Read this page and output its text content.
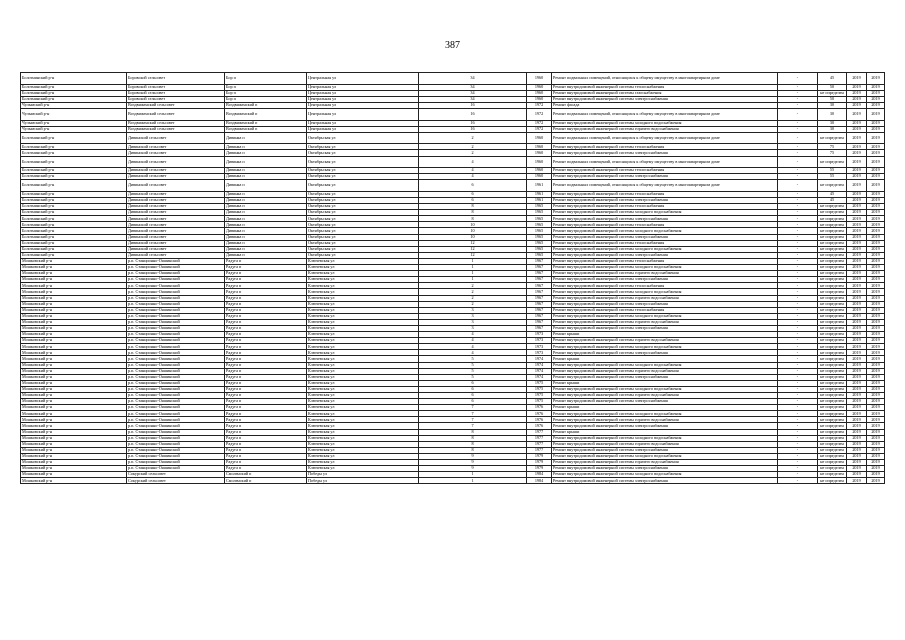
387
Болотнинский р-н	Боровской сельсовет	Бор п	Центральная ул	34	1960	Ремонт подвальных помещений, относящихся к общему имуществу в многоквартирном доме	-	45	2019	2019
Болотнинский р-н	Боровской сельсовет	Бор п	Центральная ул	34	1960	Ремонт внутридомовой инженерной системы теплоснабжения	-	50	2019	2019
Болотнинский р-н	Боровской сельсовет	Бор п	Центральная ул	34	1960	Ремонт внутридомовой инженерной системы газоснабжения	-	не определен	2019	2019
Болотнинский р-н	Боровской сельсовет	Бор п	Центральная ул	34	1960	Ремонт внутридомовой инженерной системы электроснабжения	-	50	2019	2019
Чулымский р-н	Воздвиженский сельсовет	Воздвиженский п	Центральная ул	16	1972	Ремонт фасада	-	30	2019	2019
Чулымский р-н	Воздвиженский сельсовет	Воздвиженский п	Центральная ул	16	1972	Ремонт подвальных помещений, относящихся к общему имуществу в многоквартирном доме	-	30	2019	2019
Чулымский р-н	Воздвиженский сельсовет	Воздвиженский п	Центральная ул	16	1972	Ремонт внутридомовой инженерной системы холодного водоснабжения	-	30	2019	2019
Чулымский р-н	Воздвиженский сельсовет	Воздвиженский п	Центральная ул	16	1972	Ремонт внутридомовой инженерной системы горячего водоснабжения	-	30	2019	2019
Болотнинский р-н	Дивинский сельсовет	Дивинка п	Октябрьская ул	2	1960	Ремонт подвальных помещений, относящихся к общему имуществу в многоквартирном доме	-	не определен	2019	2019
Болотнинский р-н	Дивинский сельсовет	Дивинка п	Октябрьская ул	2	1960	Ремонт внутридомовой инженерной системы теплоснабжения	-	75	2019	2019
Болотнинский р-н	Дивинский сельсовет	Дивинка п	Октябрьская ул	2	1960	Ремонт внутридомовой инженерной системы электроснабжения	-	75	2019	2019
Болотнинский р-н	Дивинский сельсовет	Дивинка п	Октябрьская ул	4	1960	Ремонт подвальных помещений, относящихся к общему имуществу в многоквартирном доме	-	не определен	2019	2019
Болотнинский р-н	Дивинский сельсовет	Дивинка п	Октябрьская ул	4	1960	Ремонт внутридомовой инженерной системы теплоснабжения	-	55	2019	2019
Болотнинский р-н	Дивинский сельсовет	Дивинка п	Октябрьская ул	4	1960	Ремонт внутридомовой инженерной системы электроснабжения	-	55	2019	2019
Болотнинский р-н	Дивинский сельсовет	Дивинка п	Октябрьская ул	6	1961	Ремонт подвальных помещений, относящихся к общему имуществу в многоквартирном доме	-	не определен	2019	2019
Болотнинский р-н	Дивинский сельсовет	Дивинка п	Октябрьская ул	6	1961	Ремонт внутридомовой инженерной системы теплоснабжения	-	45	2019	2019
Болотнинский р-н	Дивинский сельсовет	Дивинка п	Октябрьская ул	6	1961	Ремонт внутридомовой инженерной системы электроснабжения	-	45	2019	2019
Болотнинский р-н	Дивинский сельсовет	Дивинка п	Октябрьская ул	8	1965	Ремонт внутридомовой инженерной системы теплоснабжения	-	не определен	2019	2019
Болотнинский р-н	Дивинский сельсовет	Дивинка п	Октябрьская ул	8	1965	Ремонт внутридомовой инженерной системы холодного водоснабжения	-	не определен	2019	2019
Болотнинский р-н	Дивинский сельсовет	Дивинка п	Октябрьская ул	8	1965	Ремонт внутридомовой инженерной системы электроснабжения	-	не определен	2019	2019
Болотнинский р-н	Дивинский сельсовет	Дивинка п	Октябрьская ул	10	1965	Ремонт внутридомовой инженерной системы теплоснабжения	-	не определен	2019	2019
Болотнинский р-н	Дивинский сельсовет	Дивинка п	Октябрьская ул	10	1965	Ремонт внутридомовой инженерной системы холодного водоснабжения	-	не определен	2019	2019
Болотнинский р-н	Дивинский сельсовет	Дивинка п	Октябрьская ул	10	1965	Ремонт внутридомовой инженерной системы электроснабжения	-	не определен	2019	2019
Болотнинский р-н	Дивинский сельсовет	Дивинка п	Октябрьская ул	12	1965	Ремонт внутридомовой инженерной системы теплоснабжения	-	не определен	2019	2019
Болотнинский р-н	Дивинский сельсовет	Дивинка п	Октябрьская ул	12	1965	Ремонт внутридомовой инженерной системы холодного водоснабжения	-	не определен	2019	2019
Болотнинский р-н	Дивинский сельсовет	Дивинка п	Октябрьская ул	12	1965	Ремонт внутридомовой инженерной системы электроснабжения	-	не определен	2019	2019
Мошковский р-н	р.п. Станционно-Ояшинский	Радуга п	Ключевская ул	1	1967	Ремонт внутридомовой инженерной системы теплоснабжения	-	не определен	2019	2019
Мошковский р-н	р.п. Станционно-Ояшинский	Радуга п	Ключевская ул	1	1967	Ремонт внутридомовой инженерной системы холодного водоснабжения	-	не определен	2019	2019
Мошковский р-н	р.п. Станционно-Ояшинский	Радуга п	Ключевская ул	1	1967	Ремонт внутридомовой инженерной системы горячего водоснабжения	-	не определен	2019	2019
Мошковский р-н	р.п. Станционно-Ояшинский	Радуга п	Ключевская ул	1	1967	Ремонт внутридомовой инженерной системы электроснабжения	-	не определен	2019	2019
Мошковский р-н	р.п. Станционно-Ояшинский	Радуга п	Ключевская ул	2	1967	Ремонт внутридомовой инженерной системы теплоснабжения	-	не определен	2019	2019
Мошковский р-н	р.п. Станционно-Ояшинский	Радуга п	Ключевская ул	2	1967	Ремонт внутридомовой инженерной системы холодного водоснабжения	-	не определен	2019	2019
Мошковский р-н	р.п. Станционно-Ояшинский	Радуга п	Ключевская ул	2	1967	Ремонт внутридомовой инженерной системы горячего водоснабжения	-	не определен	2019	2019
Мошковский р-н	р.п. Станционно-Ояшинский	Радуга п	Ключевская ул	2	1967	Ремонт внутридомовой инженерной системы электроснабжения	-	не определен	2019	2019
Мошковский р-н	р.п. Станционно-Ояшинский	Радуга п	Ключевская ул	3	1967	Ремонт внутридомовой инженерной системы теплоснабжения	-	не определен	2019	2019
Мошковский р-н	р.п. Станционно-Ояшинский	Радуга п	Ключевская ул	3	1967	Ремонт внутридомовой инженерной системы холодного водоснабжения	-	не определен	2019	2019
Мошковский р-н	р.п. Станционно-Ояшинский	Радуга п	Ключевская ул	3	1967	Ремонт внутридомовой инженерной системы горячего водоснабжения	-	не определен	2019	2019
Мошковский р-н	р.п. Станционно-Ояшинский	Радуга п	Ключевская ул	3	1967	Ремонт внутридомовой инженерной системы электроснабжения	-	не определен	2019	2019
Мошковский р-н	р.п. Станционно-Ояшинский	Радуга п	Ключевская ул	4	1973	Ремонт крыши	-	не определен	2019	2019
Мошковский р-н	р.п. Станционно-Ояшинский	Радуга п	Ключевская ул	4	1973	Ремонт внутридомовой инженерной системы горячего водоснабжения	-	не определен	2019	2019
Мошковский р-н	р.п. Станционно-Ояшинский	Радуга п	Ключевская ул	4	1973	Ремонт внутридомовой инженерной системы холодного водоснабжения	-	не определен	2019	2019
Мошковский р-н	р.п. Станционно-Ояшинский	Радуга п	Ключевская ул	4	1973	Ремонт внутридомовой инженерной системы электроснабжения	-	не определен	2019	2019
Мошковский р-н	р.п. Станционно-Ояшинский	Радуга п	Ключевская ул	5	1974	Ремонт крыши	-	не определен	2019	2019
Мошковский р-н	р.п. Станционно-Ояшинский	Радуга п	Ключевская ул	5	1974	Ремонт внутридомовой инженерной системы холодного водоснабжения	-	не определен	2019	2019
Мошковский р-н	р.п. Станционно-Ояшинский	Радуга п	Ключевская ул	5	1974	Ремонт внутридомовой инженерной системы горячего водоснабжения	-	не определен	2019	2019
Мошковский р-н	р.п. Станционно-Ояшинский	Радуга п	Ключевская ул	5	1974	Ремонт внутридомовой инженерной системы электроснабжения	-	не определен	2019	2019
Мошковский р-н	р.п. Станционно-Ояшинский	Радуга п	Ключевская ул	6	1975	Ремонт крыши	-	не определен	2019	2019
Мошковский р-н	р.п. Станционно-Ояшинский	Радуга п	Ключевская ул	6	1975	Ремонт внутридомовой инженерной системы холодного водоснабжения	-	не определен	2019	2019
Мошковский р-н	р.п. Станционно-Ояшинский	Радуга п	Ключевская ул	6	1975	Ремонт внутридомовой инженерной системы горячего водоснабжения	-	не определен	2019	2019
Мошковский р-н	р.п. Станционно-Ояшинский	Радуга п	Ключевская ул	6	1975	Ремонт внутридомовой инженерной системы электроснабжения	-	не определен	2019	2019
Мошковский р-н	р.п. Станционно-Ояшинский	Радуга п	Ключевская ул	7	1976	Ремонт крыши	-	не определен	2019	2019
Мошковский р-н	р.п. Станционно-Ояшинский	Радуга п	Ключевская ул	7	1976	Ремонт внутридомовой инженерной системы холодного водоснабжения	-	не определен	2019	2019
Мошковский р-н	р.п. Станционно-Ояшинский	Радуга п	Ключевская ул	7	1976	Ремонт внутридомовой инженерной системы горячего водоснабжения	-	не определен	2019	2019
Мошковский р-н	р.п. Станционно-Ояшинский	Радуга п	Ключевская ул	7	1976	Ремонт внутридомовой инженерной системы электроснабжения	-	не определен	2019	2019
Мошковский р-н	р.п. Станционно-Ояшинский	Радуга п	Ключевская ул	8	1977	Ремонт крыши	-	не определен	2019	2019
Мошковский р-н	р.п. Станционно-Ояшинский	Радуга п	Ключевская ул	8	1977	Ремонт внутридомовой инженерной системы холодного водоснабжения	-	не определен	2019	2019
Мошковский р-н	р.п. Станционно-Ояшинский	Радуга п	Ключевская ул	8	1977	Ремонт внутридомовой инженерной системы горячего водоснабжения	-	не определен	2019	2019
Мошковский р-н	р.п. Станционно-Ояшинский	Радуга п	Ключевская ул	8	1977	Ремонт внутридомовой инженерной системы электроснабжения	-	не определен	2019	2019
Мошковский р-н	р.п. Станционно-Ояшинский	Радуга п	Ключевская ул	9	1979	Ремонт внутридомовой инженерной системы холодного водоснабжения	-	не определен	2019	2019
Мошковский р-н	р.п. Станционно-Ояшинский	Радуга п	Ключевская ул	9	1979	Ремонт внутридомовой инженерной системы горячего водоснабжения	-	не определен	2019	2019
Мошковский р-н	р.п. Станционно-Ояшинский	Радуга п	Ключевская ул	9	1979	Ремонт внутридомовой инженерной системы электроснабжения	-	не определен	2019	2019
Мошковский р-н	Сокурский сельсовет	Смоленский п	Победы ул	1	1984	Ремонт внутридомовой инженерной системы холодного водоснабжения	-	не определен	2019	2019
Мошковский р-н	Сокурский сельсовет	Смоленский п	Победы ул	1	1984	Ремонт внутридомовой инженерной системы электроснабжения	-	не определен	2019	2019
